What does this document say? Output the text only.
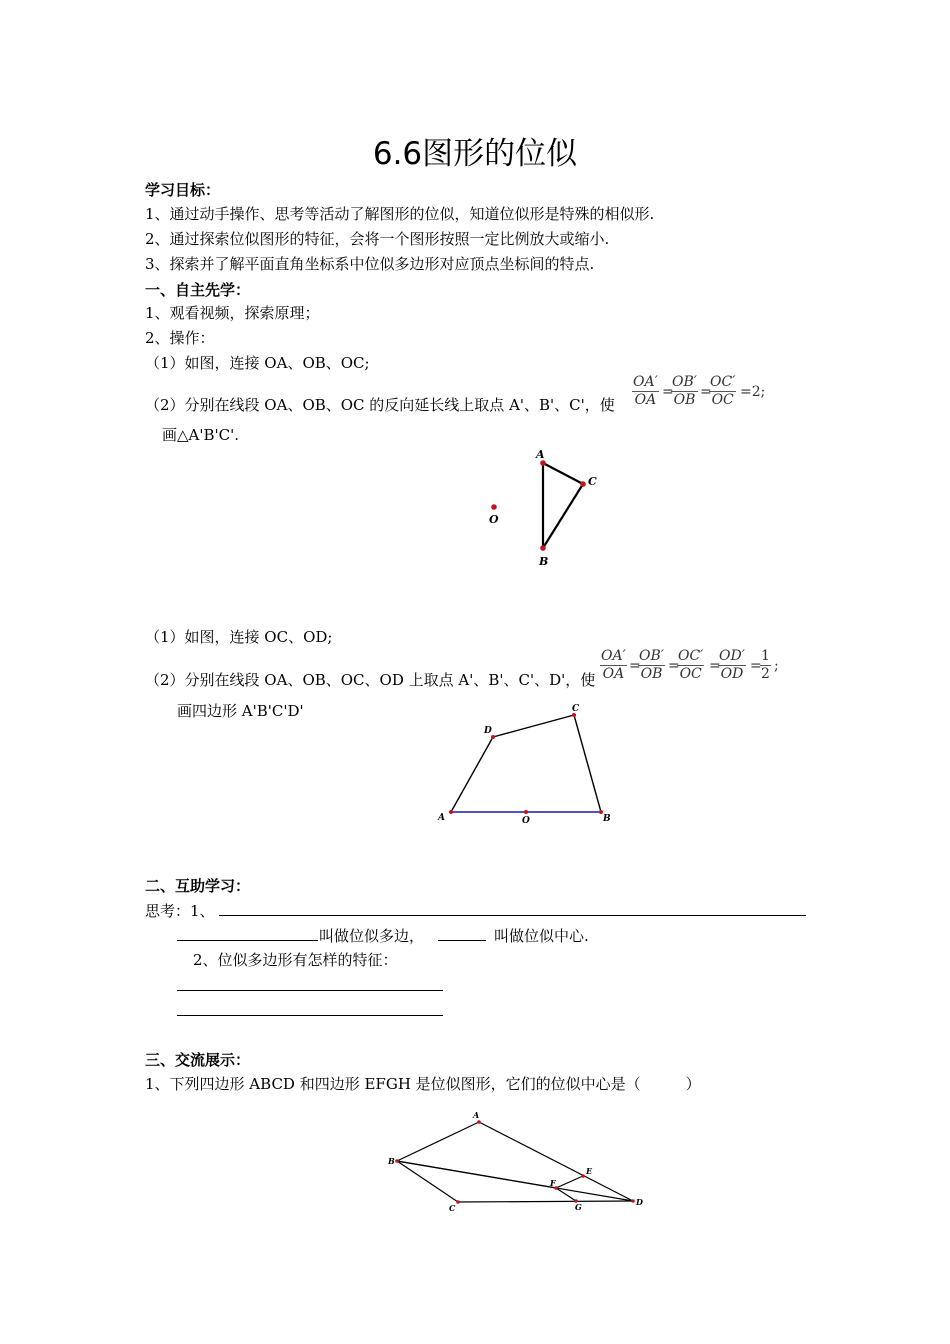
6.6图形的位似
学习目标：
1、通过动手操作、思考等活动了解图形的位似，知道位似形是特殊的相似形.
2、通过探索位似图形的特征，会将一个图形按照一定比例放大或缩小.
3、探索并了解平面直角坐标系中位似多边形对应顶点坐标间的特点.
一、自主先学：
1、观看视频，探索原理；
2、操作：
（1）如图，连接 OA、OB、OC;
（2）分别在线段 OA、OB、OC 的反向延长线上取点 A'、B'、C'，使 $\frac{OA'}{OA}$ =
$\frac{OB'}{OB}$ =
$\frac{OC'}{OC} =2$;
画△A'B'C'.
（1）如图，连接 OC、OD;
（2）分别在线段 OA、OB、OC、OD 上取点 A'、B'、C'、D'，使 $\frac{OA'}{OA}$ =
$\frac{OB'}{OB}$ =
$\frac{OC'}{OC}$ =
$\frac{OD'}{OD}$ =
$\frac{1}{2}$ ;
画四边形 A'B'C'D'
二、互助学习：
思考：1、
叫做位似多边，	叫做位似中心.
2、位似多边形有怎样的特征：
三、交流展示：
1、下列四边形 ABCD 和四边形 EFGH 是位似图形，它们的位似中心是（　　　）
A
C
B
O
A	B
C
D
O
A
B
C
D
E
F
G
